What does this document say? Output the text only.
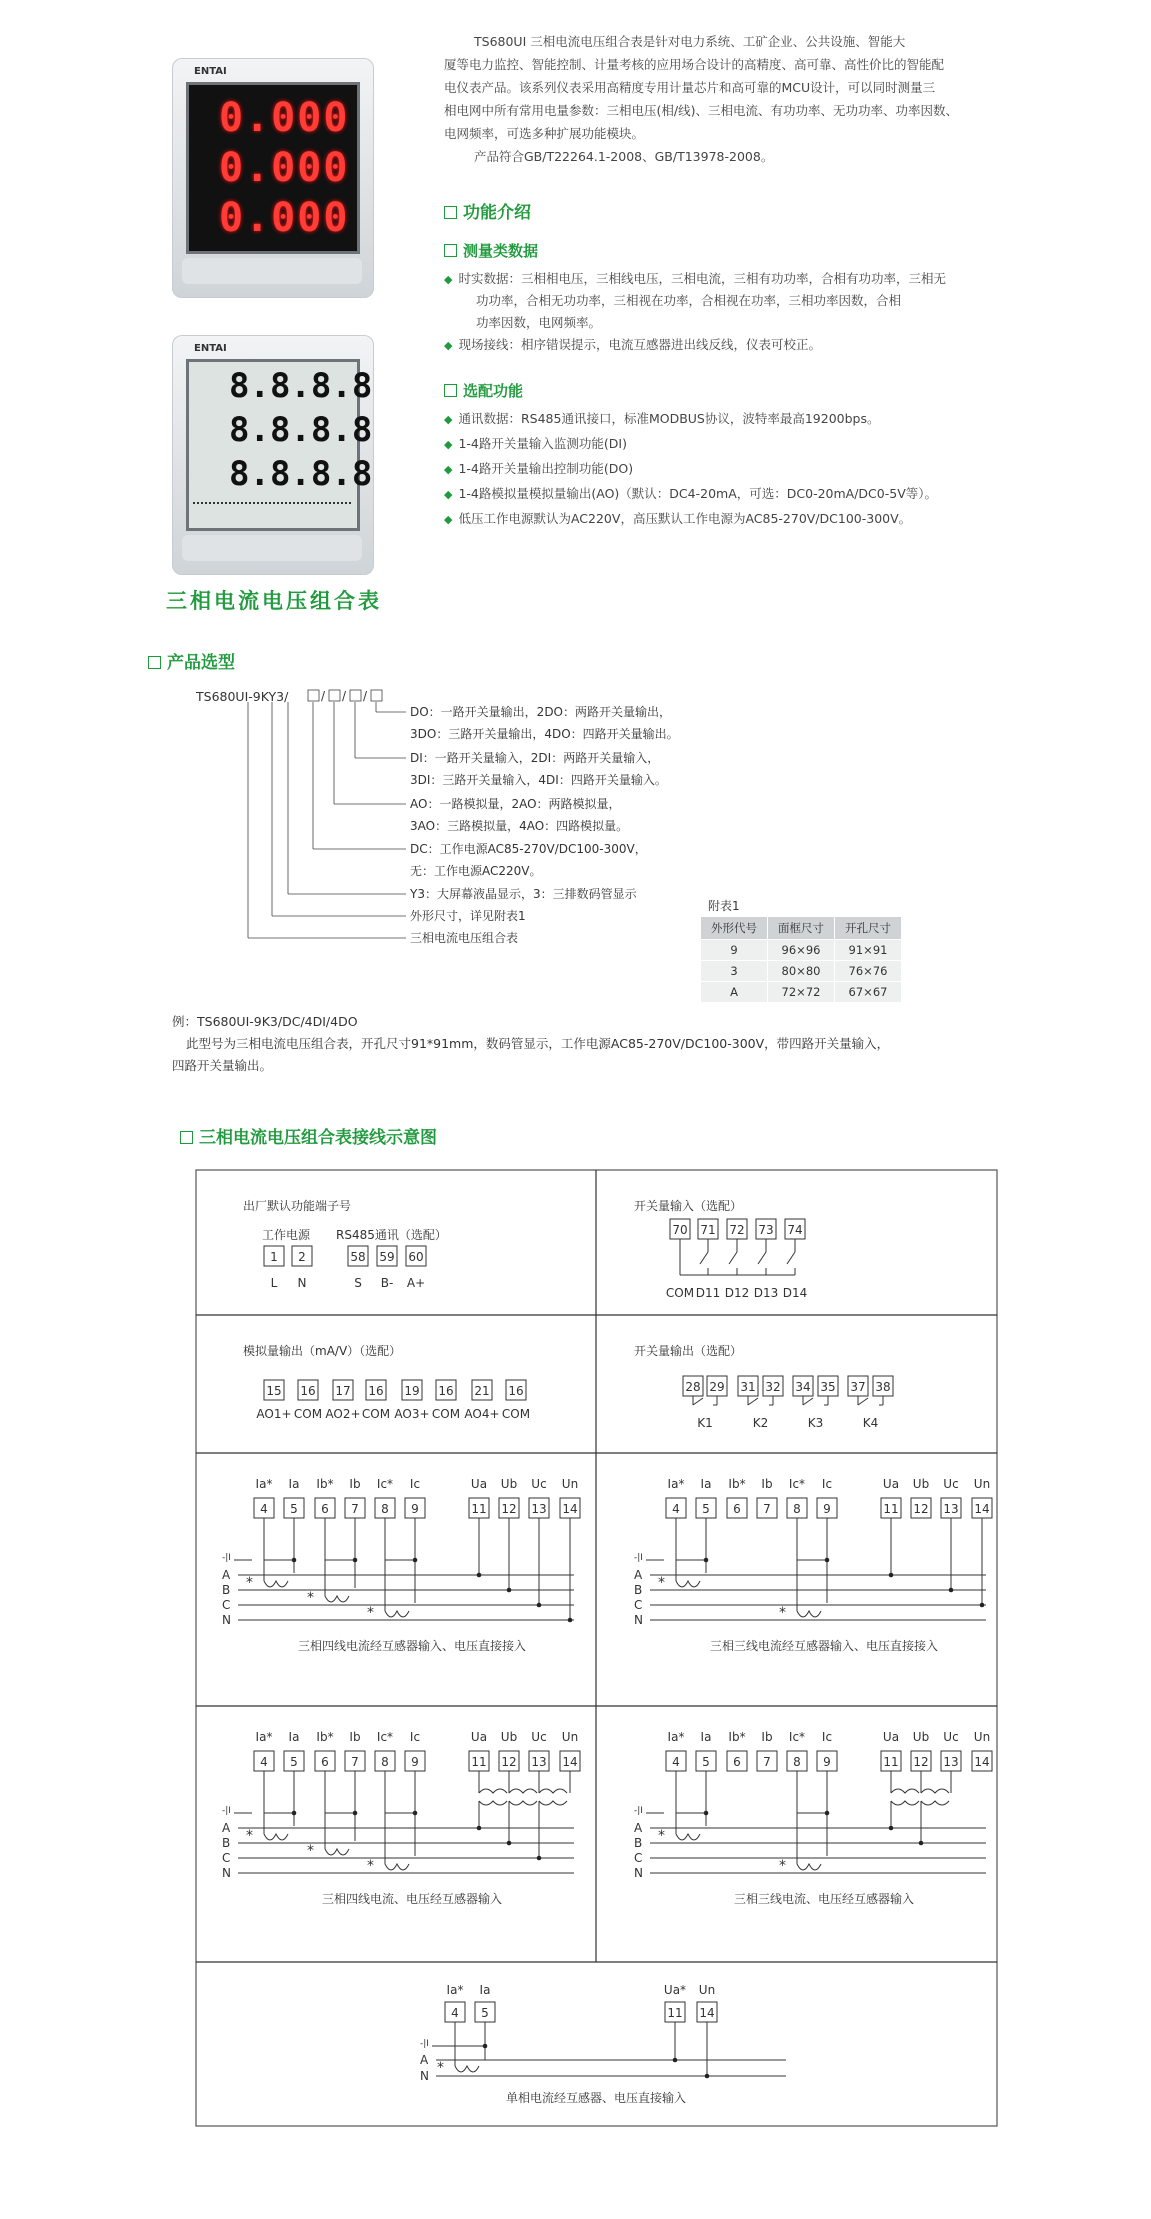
TS680UI 三相电流电压组合表是针对电力系统、工矿企业、公共设施、智能大
厦等电力监控、智能控制、计量考核的应用场合设计的高精度、高可靠、高性价比的智能配
电仪表产品。该系列仪表采用高精度专用计量芯片和高可靠的MCU设计，可以同时测量三
相电网中所有常用电量参数：三相电压(相/线)、三相电流、有功功率、无功功率、功率因数、
电网频率，可选多种扩展功能模块。
产品符合GB/T22264.1-2008、GB/T13978-2008。
ENTAI
0.000
0.000
0.000
ENTAI
8.8.8.8
8.8.8.8
8.8.8.8
三相电流电压组合表
功能介绍
测量类数据
◆ 时实数据：三相相电压，三相线电压，三相电流，三相有功功率，合相有功功率，三相无
功功率，合相无功功率，三相视在功率，合相视在功率，三相功率因数，合相
功率因数，电网频率。
◆ 现场接线：相序错误提示，电流互感器进出线反线，仪表可校正。
选配功能
◆ 通讯数据：RS485通讯接口，标准MODBUS协议，波特率最高19200bps。
◆ 1-4路开关量输入监测功能(DI)
◆ 1-4路开关量输出控制功能(DO)
◆ 1-4路模拟量模拟量输出(AO)（默认：DC4-20mA，可选：DC0-20mA/DC0-5V等）。
◆ 低压工作电源默认为AC220V，高压默认工作电源为AC85-270V/DC100-300V。
产品选型
/ / /
DO：一路开关量输出，2DO：两路开关量输出，
3DO：三路开关量输出，4DO：四路开关量输出。
DI：一路开关量输入，2DI：两路开关量输入，
3DI：三路开关量输入，4DI：四路开关量输入。
AO：一路模拟量，2AO：两路模拟量，
3AO：三路模拟量，4AO：四路模拟量。
DC：工作电源AC85-270V/DC100-300V，
无：工作电源AC220V。
Y3：大屏幕液晶显示，3：三排数码管显示
外形尺寸，详见附表1
三相电流电压组合表
TS680UI-9KY3/
附表1
外形代号	面框尺寸	开孔尺寸
9	96×96	91×91
3	80×80	76×76
A	72×72	67×67
例：TS680UI-9K3/DC/4DI/4DO
此型号为三相电流电压组合表，开孔尺寸91*91mm，数码管显示，工作电源AC85-270V/DC100-300V，带四路开关量输入，
四路开关量输出。
三相电流电压组合表接线示意图
出厂默认功能端子号
工作电源 RS485通讯（选配）
1
L
2
N
58
S
59
B-
60
A+
开关量输入（选配）
70 71 72 73 74
COM D11 D12 D13 D14
模拟量输出（mA/V）（选配）
15
AO1+
16
COM
17
AO2+
16
COM
19
AO3+
16
COM
21
AO4+
16
COM
开关量输出（选配）
28 29 31 32 34 35 37 38
K1	K2	K3	K4
Ia*
4
Ia
5
Ib*
6
Ib
7
Ic*
8
Ic
9
Ua
11
Ub
12
Uc
13
Un
14
-|I
A
B
C
N
*
*
*
三相四线电流经互感器输入、电压直接接入
Ia*
4
Ia
5
Ib*
6
Ib
7
Ic*
8
Ic
9
Ua
11
Ub
12
Uc
13
Un
14
-|I
A
B
C
N
*
*
三相三线电流经互感器输入、电压直接接入
Ia*
4
Ia
5
Ib*
6
Ib
7
Ic*
8
Ic
9
Ua
11
Ub
12
Uc
13
Un
14
-|I
A
B
C
N
*
*
*
三相四线电流、电压经互感器输入
Ia*
4
Ia
5
Ib*
6
Ib
7
Ic*
8
Ic
9
Ua
11
Ub
12
Uc
13
Un
14
-|I
A
B
C
N
*
*
三相三线电流、电压经互感器输入
Ia*
4
Ia
5
Ua*
11
Un
14
-|I
A
N *
单相电流经互感器、电压直接输入
